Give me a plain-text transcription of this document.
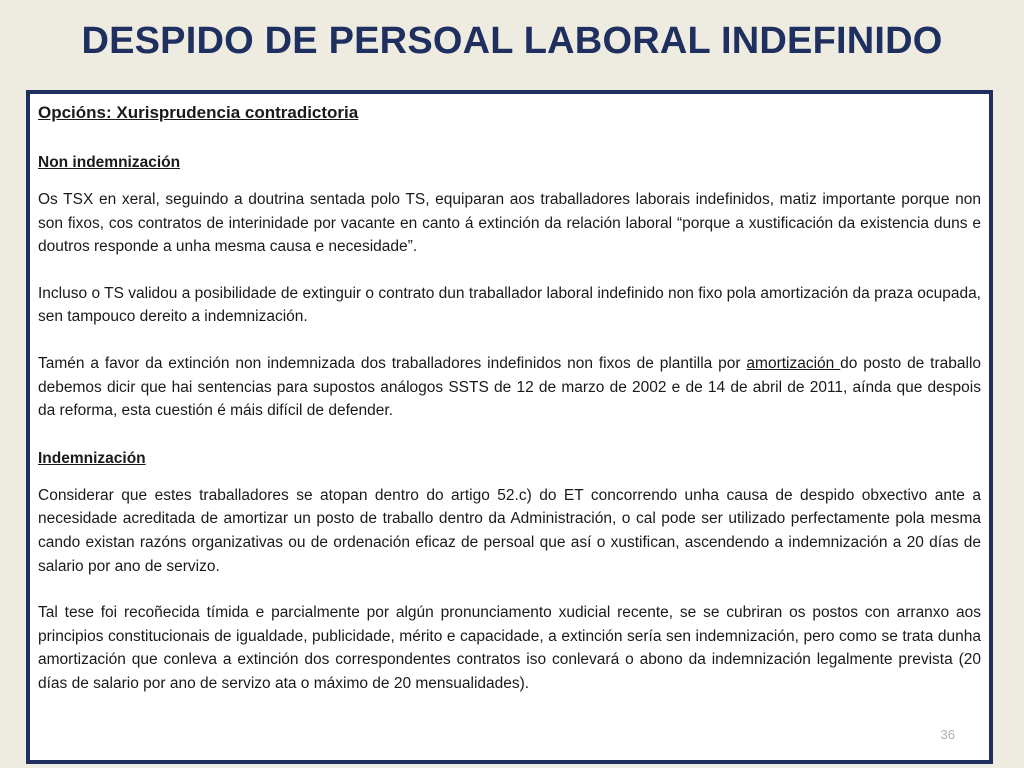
DESPIDO DE PERSOAL LABORAL INDEFINIDO
Opcións: Xurisprudencia contradictoria
Non indemnización

Os TSX en xeral, seguindo a doutrina sentada polo TS, equiparan aos traballadores laborais indefinidos, matiz importante porque non son fixos, cos contratos de interinidade por vacante en canto á extinción da relación laboral “porque a xustificación da existencia duns e doutros responde a unha mesma causa e necesidade”.

Incluso o TS validou a posibilidade de extinguir o contrato dun traballador laboral indefinido non fixo pola amortización da praza ocupada, sen tampouco dereito a indemnización.

Tamén a favor da extinción non indemnizada dos traballadores indefinidos non fixos de plantilla por amortización do posto de traballo debemos dicir que hai sentencias para supostos análogos SSTS de 12 de marzo de 2002 e de 14 de abril de 2011, aínda que despois da reforma, esta cuestión é máis difícil de defender.

Indemnización

Considerar que estes traballadores se atopan dentro do artigo 52.c) do ET concorrendo unha causa de despido obxectivo ante a necesidade acreditada de amortizar un posto de traballo dentro da Administración, o cal pode ser utilizado perfectamente pola mesma cando existan razóns organizativas ou de ordenación eficaz de persoal que así o xustifican, ascendendo a indemnización a 20 días de salario por ano de servizo.

Tal tese foi recoñecida tímida e parcialmente por algún pronunciamento xudicial recente, se se cubriran os postos con arranxo aos principios constitucionais de igualdade, publicidade, mérito e capacidade, a extinción sería sen indemnización, pero como se trata dunha amortización que conleva a extinción dos correspondentes contratos iso conlevará o abono da indemnización legalmente prevista (20 días de salario por ano de servizo ata o máximo de 20 mensualidades).

36
